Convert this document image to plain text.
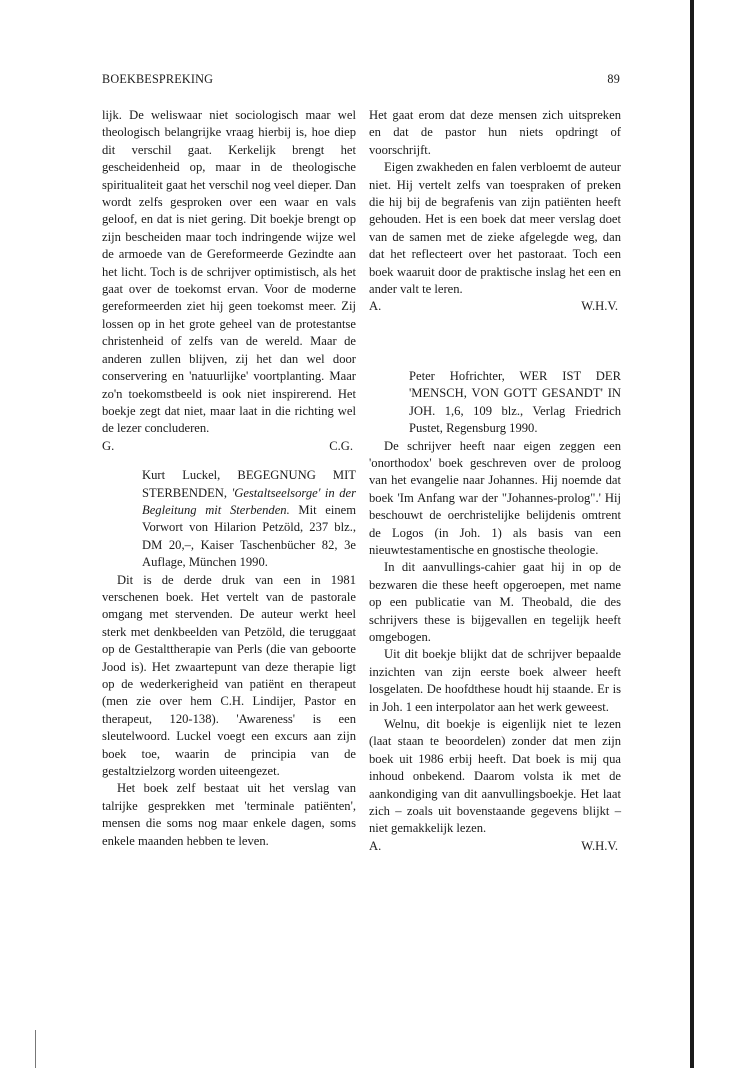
BOEKBESPREKING	89

lijk. De weliswaar niet sociologisch maar wel theologisch belangrijke vraag hierbij is, hoe diep dit verschil gaat. Kerkelijk brengt het gescheidenheid op, maar in de theologische spiritualiteit gaat het verschil nog veel dieper. Dan wordt zelfs gesproken over een waar en vals geloof, en dat is niet gering. Dit boekje brengt op zijn bescheiden maar toch indringende wijze wel de armoede van de Gereformeerde Gezindte aan het licht. Toch is de schrijver optimistisch, als het gaat over de toekomst ervan. Voor de moderne gereformeerden ziet hij geen toekomst meer. Zij lossen op in het grote geheel van de protestantse christenheid of zelfs van de wereld. Maar de anderen zullen blijven, zij het dan wel door conservering en 'natuurlijke' voortplanting. Maar zo'n toekomstbeeld is ook niet inspirerend. Het boekje zegt dat niet, maar laat in die richting wel de lezer concluderen.

G.	C.G.

Kurt Luckel, BEGEGNUNG MIT STERBENDEN, 'Gestaltseelsorge' in der Begleitung mit Sterbenden. Mit einem Vorwort von Hilarion Petzöld, 237 blz., DM 20,–, Kaiser Taschenbücher 82, 3e Auflage, München 1990.

Dit is de derde druk van een in 1981 verschenen boek. Het vertelt van de pastorale omgang met stervenden. De auteur werkt heel sterk met denkbeelden van Petzöld, die teruggaat op de Gestalttherapie van Perls (die van geboorte Jood is). Het zwaartepunt van deze therapie ligt op de wederkerigheid van patiënt en therapeut (men zie over hem C.H. Lindijer, Pastor en therapeut, 120-138). 'Awareness' is een sleutelwoord. Luckel voegt een excurs aan zijn boek toe, waarin de principia van de gestaltzielzorg worden uiteengezet.

Het boek zelf bestaat uit het verslag van talrijke gesprekken met 'terminale patiënten', mensen die soms nog maar enkele dagen, soms enkele maanden hebben te leven.

Het gaat erom dat deze mensen zich uitspreken en dat de pastor hun niets opdringt of voorschrijft.

Eigen zwakheden en falen verbloemt de auteur niet. Hij vertelt zelfs van toespraken of preken die hij bij de begrafenis van zijn patiënten heeft gehouden. Het is een boek dat meer verslag doet van de samen met de zieke afgelegde weg, dan dat het reflecteert over het pastoraat. Toch een boek waaruit door de praktische inslag het een en ander valt te leren.

A.	W.H.V.

Peter Hofrichter, WER IST DER 'MENSCH, VON GOTT GESANDT' IN JOH. 1,6, 109 blz., Verlag Friedrich Pustet, Regensburg 1990.

De schrijver heeft naar eigen zeggen een 'onorthodox' boek geschreven over de proloog van het evangelie naar Johannes. Hij noemde dat boek 'Im Anfang war der "Johannes-prolog".' Hij beschouwt de oerchristelijke belijdenis omtrent de Logos (in Joh. 1) als basis van een nieuwtestamentische en gnostische theologie.

In dit aanvullings-cahier gaat hij in op de bezwaren die these heeft opgeroepen, met name op een publicatie van M. Theobald, die des schrijvers these is bijgevallen en tegelijk heeft omgebogen.

Uit dit boekje blijkt dat de schrijver bepaalde inzichten van zijn eerste boek alweer heeft losgelaten. De hoofdthese houdt hij staande. Er is in Joh. 1 een interpolator aan het werk geweest.

Welnu, dit boekje is eigenlijk niet te lezen (laat staan te beoordelen) zonder dat men zijn boek uit 1986 erbij heeft. Dat boek is mij qua inhoud onbekend. Daarom volsta ik met de aankondiging van dit aanvullingsboekje. Het laat zich – zoals uit bovenstaande gegevens blijkt – niet gemakkelijk lezen.

A.	W.H.V.
